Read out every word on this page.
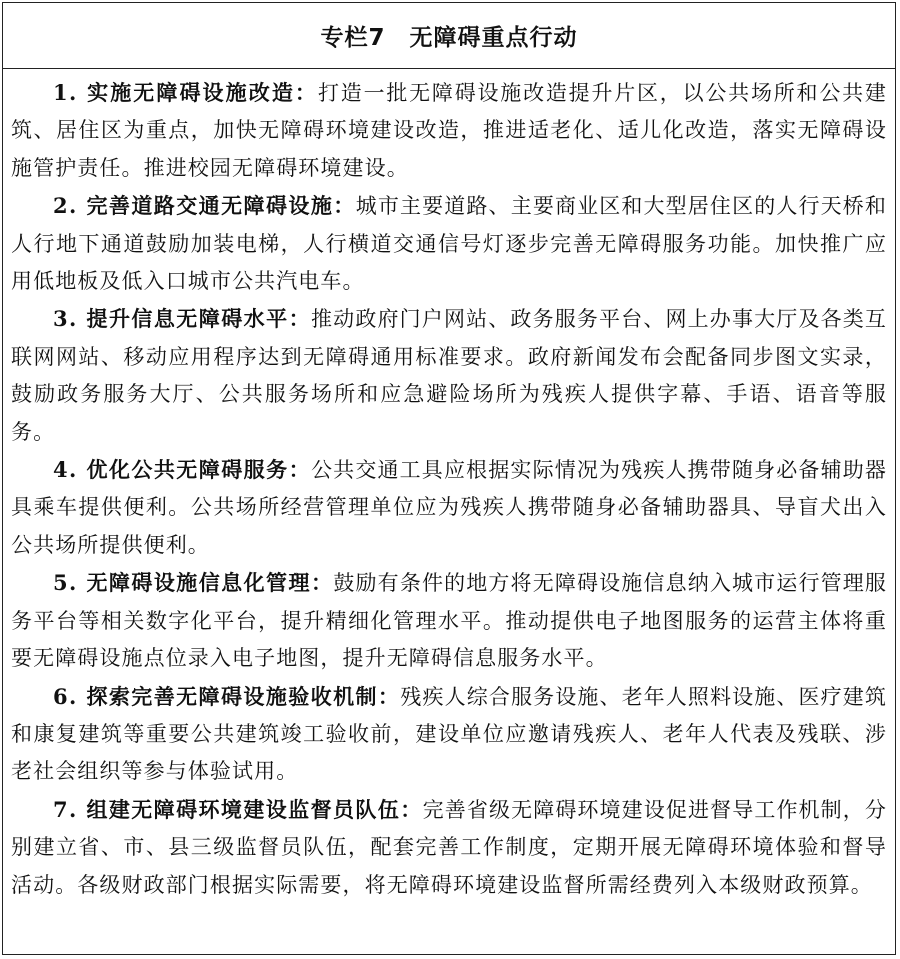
专栏7　无障碍重点行动

1. 实施无障碍设施改造：打造一批无障碍设施改造提升片区，以公共场所和公共建筑、居住区为重点，加快无障碍环境建设改造，推进适老化、适儿化改造，落实无障碍设施管护责任。推进校园无障碍环境建设。

2. 完善道路交通无障碍设施：城市主要道路、主要商业区和大型居住区的人行天桥和人行地下通道鼓励加装电梯，人行横道交通信号灯逐步完善无障碍服务功能。加快推广应用低地板及低入口城市公共汽电车。

3. 提升信息无障碍水平：推动政府门户网站、政务服务平台、网上办事大厅及各类互联网网站、移动应用程序达到无障碍通用标准要求。政府新闻发布会配备同步图文实录，鼓励政务服务大厅、公共服务场所和应急避险场所为残疾人提供字幕、手语、语音等服务。

4. 优化公共无障碍服务：公共交通工具应根据实际情况为残疾人携带随身必备辅助器具乘车提供便利。公共场所经营管理单位应为残疾人携带随身必备辅助器具、导盲犬出入公共场所提供便利。

5. 无障碍设施信息化管理：鼓励有条件的地方将无障碍设施信息纳入城市运行管理服务平台等相关数字化平台，提升精细化管理水平。推动提供电子地图服务的运营主体将重要无障碍设施点位录入电子地图，提升无障碍信息服务水平。

6. 探索完善无障碍设施验收机制：残疾人综合服务设施、老年人照料设施、医疗建筑和康复建筑等重要公共建筑竣工验收前，建设单位应邀请残疾人、老年人代表及残联、涉老社会组织等参与体验试用。

7. 组建无障碍环境建设监督员队伍：完善省级无障碍环境建设促进督导工作机制，分别建立省、市、县三级监督员队伍，配套完善工作制度，定期开展无障碍环境体验和督导活动。各级财政部门根据实际需要，将无障碍环境建设监督所需经费列入本级财政预算。
